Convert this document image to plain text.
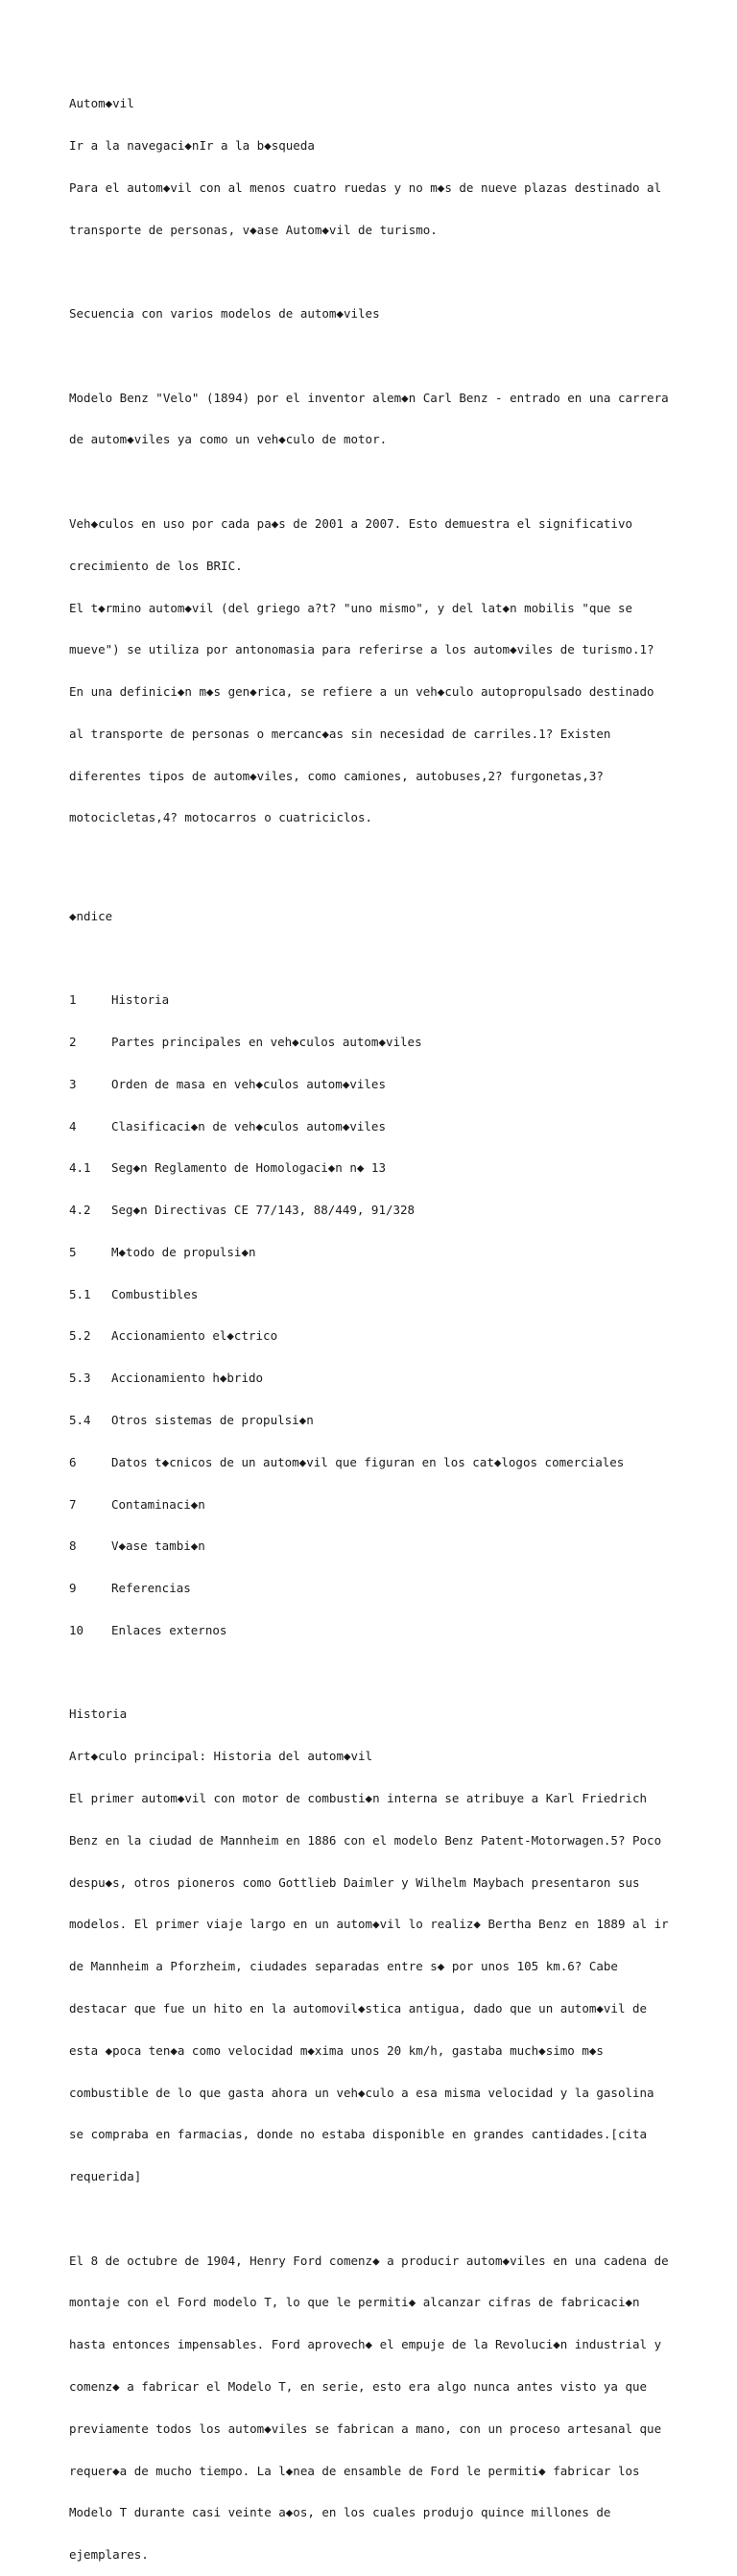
Autom◆vil

Ir a la navegaci◆nIr a la b◆squeda

Para el autom◆vil con al menos cuatro ruedas y no m◆s de nueve plazas destinado al

transporte de personas, v◆ase Autom◆vil de turismo.

Secuencia con varios modelos de autom◆viles

Modelo Benz "Velo" (1894) por el inventor alem◆n Carl Benz - entrado en una carrera

de autom◆viles ya como un veh◆culo de motor.

Veh◆culos en uso por cada pa◆s de 2001 a 2007. Esto demuestra el significativo

crecimiento de los BRIC.

El t◆rmino autom◆vil (del griego a?t? "uno mismo", y del lat◆n mobilis "que se

mueve") se utiliza por antonomasia para referirse a los autom◆viles de turismo.1?

En una definici◆n m◆s gen◆rica, se refiere a un veh◆culo autopropulsado destinado

al transporte de personas o mercanc◆as sin necesidad de carriles.1? Existen

diferentes tipos de autom◆viles, como camiones, autobuses,2? furgonetas,3?

motocicletas,4? motocarros o cuatriciclos.

◆ndice

1	Historia

2	Partes principales en veh◆culos autom◆viles

3	Orden de masa en veh◆culos autom◆viles

4	Clasificaci◆n de veh◆culos autom◆viles

4.1 Seg◆n Reglamento de Homologaci◆n n◆ 13

4.2 Seg◆n Directivas CE 77/143, 88/449, 91/328

5	M◆todo de propulsi◆n

5.1 Combustibles

5.2 Accionamiento el◆ctrico

5.3 Accionamiento h◆brido

5.4 Otros sistemas de propulsi◆n

6	Datos t◆cnicos de un autom◆vil que figuran en los cat◆logos comerciales

7	Contaminaci◆n

8	V◆ase tambi◆n

9	Referencias

10 Enlaces externos

Historia

Art◆culo principal: Historia del autom◆vil

El primer autom◆vil con motor de combusti◆n interna se atribuye a Karl Friedrich

Benz en la ciudad de Mannheim en 1886 con el modelo Benz Patent-Motorwagen.5? Poco

despu◆s, otros pioneros como Gottlieb Daimler y Wilhelm Maybach presentaron sus

modelos. El primer viaje largo en un autom◆vil lo realiz◆ Bertha Benz en 1889 al ir

de Mannheim a Pforzheim, ciudades separadas entre s◆ por unos 105 km.6? Cabe

destacar que fue un hito en la automovil◆stica antigua, dado que un autom◆vil de

esta ◆poca ten◆a como velocidad m◆xima unos 20 km/h, gastaba much◆simo m◆s

combustible de lo que gasta ahora un veh◆culo a esa misma velocidad y la gasolina

se compraba en farmacias, donde no estaba disponible en grandes cantidades.[cita

requerida]

El 8 de octubre de 1904, Henry Ford comenz◆ a producir autom◆viles en una cadena de

montaje con el Ford modelo T, lo que le permiti◆ alcanzar cifras de fabricaci◆n

hasta entonces impensables. Ford aprovech◆ el empuje de la Revoluci◆n industrial y

comenz◆ a fabricar el Modelo T, en serie, esto era algo nunca antes visto ya que

previamente todos los autom◆viles se fabrican a mano, con un proceso artesanal que

requer◆a de mucho tiempo. La l◆nea de ensamble de Ford le permiti◆ fabricar los

Modelo T durante casi veinte a◆os, en los cuales produjo quince millones de

ejemplares.
